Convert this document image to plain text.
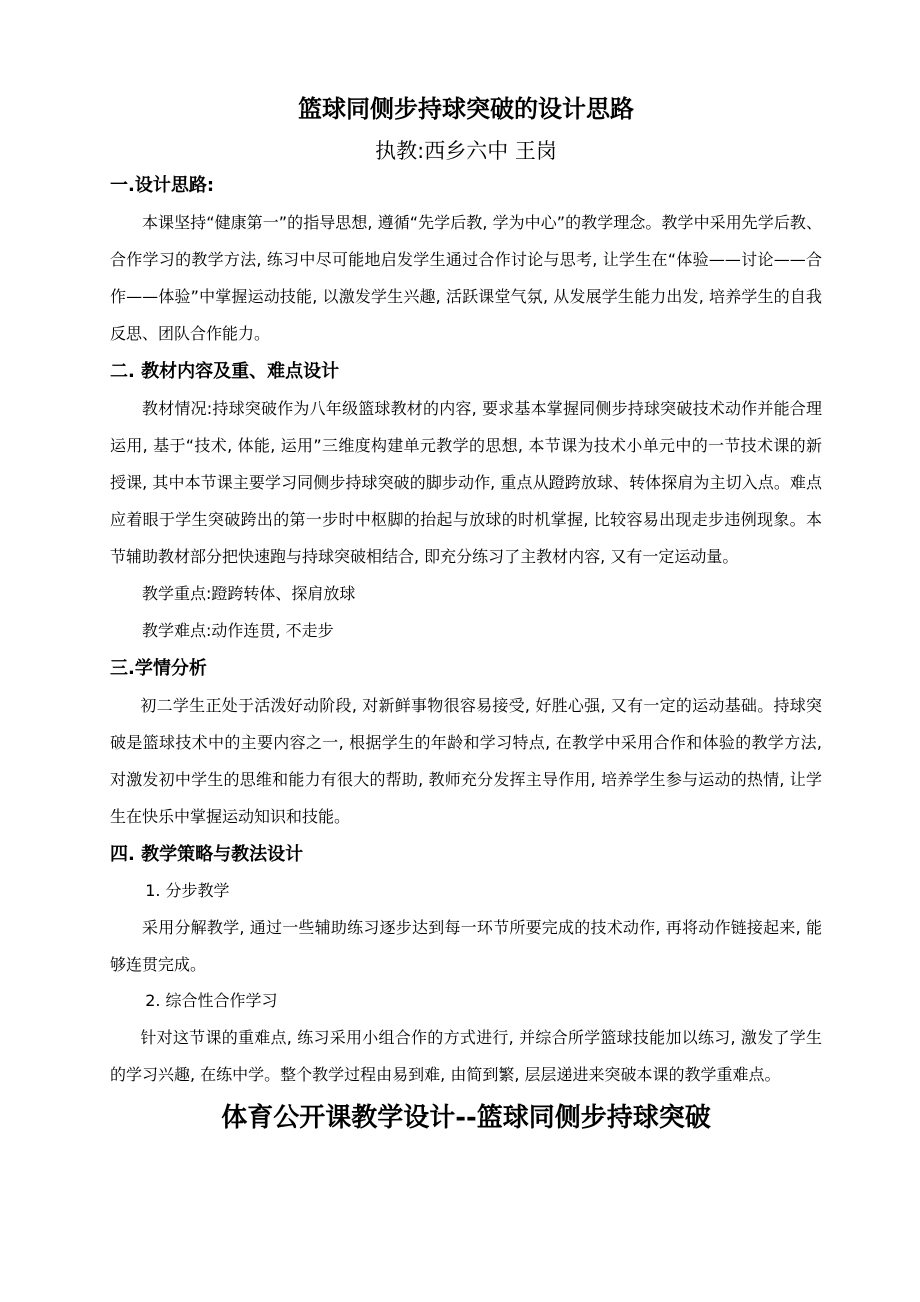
篮球同侧步持球突破的设计思路
执教:西乡六中 王岗
一.设计思路:

本课坚持“健康第一”的指导思想, 遵循“先学后教, 学为中心”的教学理念。教学中采用先学后教、合作学习的教学方法, 练习中尽可能地启发学生通过合作讨论与思考, 让学生在“体验——讨论——合作——体验”中掌握运动技能, 以激发学生兴趣, 活跃课堂气氛, 从发展学生能力出发, 培养学生的自我反思、团队合作能力。

二. 教材内容及重、难点设计

教材情况:持球突破作为八年级篮球教材的内容, 要求基本掌握同侧步持球突破技术动作并能合理运用, 基于“技术, 体能, 运用”三维度构建单元教学的思想, 本节课为技术小单元中的一节技术课的新授课, 其中本节课主要学习同侧步持球突破的脚步动作, 重点从蹬跨放球、转体探肩为主切入点。难点应着眼于学生突破跨出的第一步时中枢脚的抬起与放球的时机掌握, 比较容易出现走步违例现象。本节辅助教材部分把快速跑与持球突破相结合, 即充分练习了主教材内容, 又有一定运动量。

教学重点:蹬跨转体、探肩放球
教学难点:动作连贯, 不走步
三.学情分析

初二学生正处于活泼好动阶段, 对新鲜事物很容易接受, 好胜心强, 又有一定的运动基础。持球突破是篮球技术中的主要内容之一, 根据学生的年龄和学习特点, 在教学中采用合作和体验的教学方法, 对激发初中学生的思维和能力有很大的帮助, 教师充分发挥主导作用, 培养学生参与运动的热情, 让学生在快乐中掌握运动知识和技能。

四. 教学策略与教法设计
1. 分步教学

采用分解教学, 通过一些辅助练习逐步达到每一环节所要完成的技术动作, 再将动作链接起来, 能够连贯完成。

2. 综合性合作学习

针对这节课的重难点, 练习采用小组合作的方式进行, 并综合所学篮球技能加以练习, 激发了学生的学习兴趣, 在练中学。整个教学过程由易到难, 由简到繁, 层层递进来突破本课的教学重难点。

体育公开课教学设计--篮球同侧步持球突破
